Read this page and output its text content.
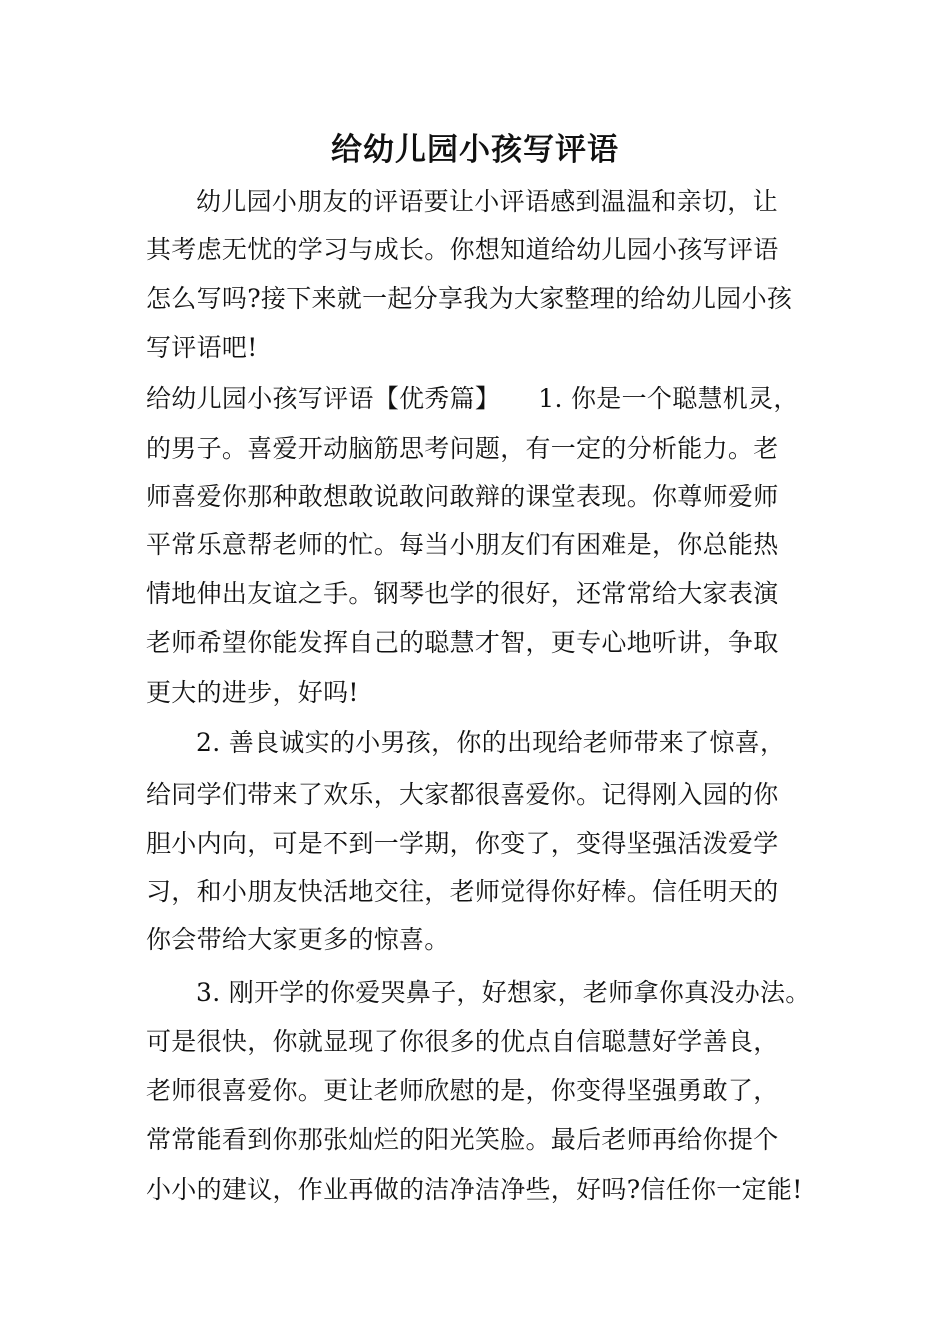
给幼儿园小孩写评语
幼儿园小朋友的评语要让小评语感到温温和亲切，让
其考虑无忧的学习与成长。你想知道给幼儿园小孩写评语
怎么写吗?接下来就一起分享我为大家整理的给幼儿园小孩
写评语吧!
给幼儿园小孩写评语【优秀篇】　　1. 你是一个聪慧机灵，
的男子。喜爱开动脑筋思考问题，有一定的分析能力。老
师喜爱你那种敢想敢说敢问敢辩的课堂表现。你尊师爱师
平常乐意帮老师的忙。每当小朋友们有困难是，你总能热
情地伸出友谊之手。钢琴也学的很好，还常常给大家表演
老师希望你能发挥自己的聪慧才智，更专心地听讲，争取
更大的进步，好吗!
2. 善良诚实的小男孩，你的出现给老师带来了惊喜，
给同学们带来了欢乐，大家都很喜爱你。记得刚入园的你
胆小内向，可是不到一学期，你变了，变得坚强活泼爱学
习，和小朋友快活地交往，老师觉得你好棒。信任明天的
你会带给大家更多的惊喜。
3. 刚开学的你爱哭鼻子，好想家，老师拿你真没办法。
可是很快，你就显现了你很多的优点自信聪慧好学善良，
老师很喜爱你。更让老师欣慰的是，你变得坚强勇敢了，
常常能看到你那张灿烂的阳光笑脸。最后老师再给你提个
小小的建议，作业再做的洁净洁净些，好吗?信任你一定能!
